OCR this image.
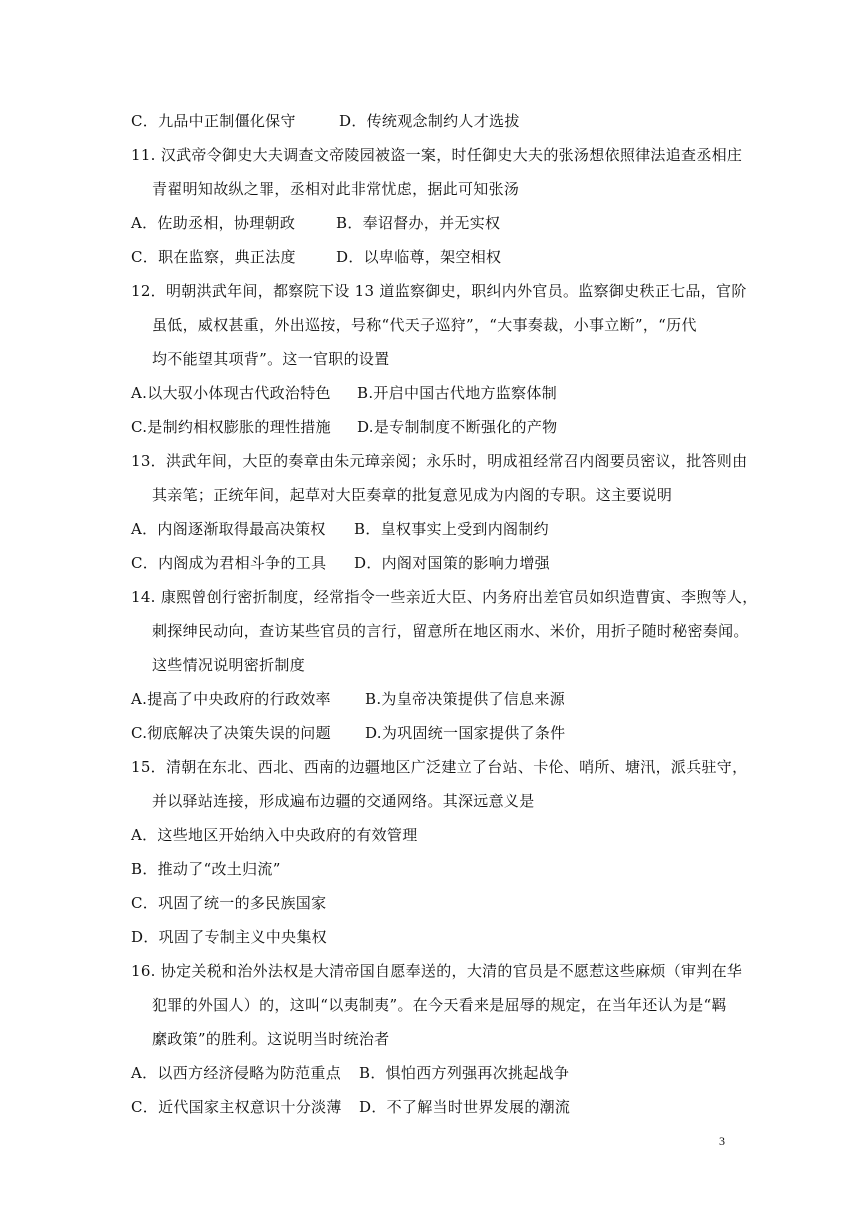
C．九品中正制僵化保守	D．传统观念制约人才选拔
11. 汉武帝令御史大夫调查文帝陵园被盗一案，时任御史大夫的张汤想依照律法追查丞相庄
青翟明知故纵之罪，丞相对此非常忧虑，据此可知张汤
A．佐助丞相，协理朝政	B．奉诏督办，并无实权
C．职在监察，典正法度	D．以卑临尊，架空相权
12．明朝洪武年间，都察院下设 13 道监察御史，职纠内外官员。监察御史秩正七品，官阶
虽低，威权甚重，外出巡按，号称“代天子巡狩”，“大事奏裁，小事立断”，“历代
均不能望其项背”。这一官职的设置
A.以大驭小体现古代政治特色 B.开启中国古代地方监察体制
C.是制约相权膨胀的理性措施 D.是专制制度不断强化的产物
13．洪武年间，大臣的奏章由朱元璋亲阅；永乐时，明成祖经常召内阁要员密议，批答则由
其亲笔；正统年间，起草对大臣奏章的批复意见成为内阁的专职。这主要说明
A．内阁逐渐取得最高决策权 B．皇权事实上受到内阁制约
C．内阁成为君相斗争的工具 D．内阁对国策的影响力增强
14. 康熙曾创行密折制度，经常指令一些亲近大臣、内务府出差官员如织造曹寅、李煦等人，
刺探绅民动向，查访某些官员的言行，留意所在地区雨水、米价，用折子随时秘密奏闻。
这些情况说明密折制度
A.提高了中央政府的行政效率 B.为皇帝决策提供了信息来源
C.彻底解决了决策失误的问题 D.为巩固统一国家提供了条件
15．清朝在东北、西北、西南的边疆地区广泛建立了台站、卡伦、哨所、塘汛，派兵驻守，
并以驿站连接，形成遍布边疆的交通网络。其深远意义是
A．这些地区开始纳入中央政府的有效管理
B．推动了“改土归流”
C．巩固了统一的多民族国家
D．巩固了专制主义中央集权
16. 协定关税和治外法权是大清帝国自愿奉送的，大清的官员是不愿惹这些麻烦（审判在华
犯罪的外国人）的，这叫“以夷制夷”。在今天看来是屈辱的规定，在当年还认为是“羁
縻政策”的胜利。这说明当时统治者
A．以西方经济侵略为防范重点 B．惧怕西方列强再次挑起战争
C．近代国家主权意识十分淡薄 D．不了解当时世界发展的潮流
3
